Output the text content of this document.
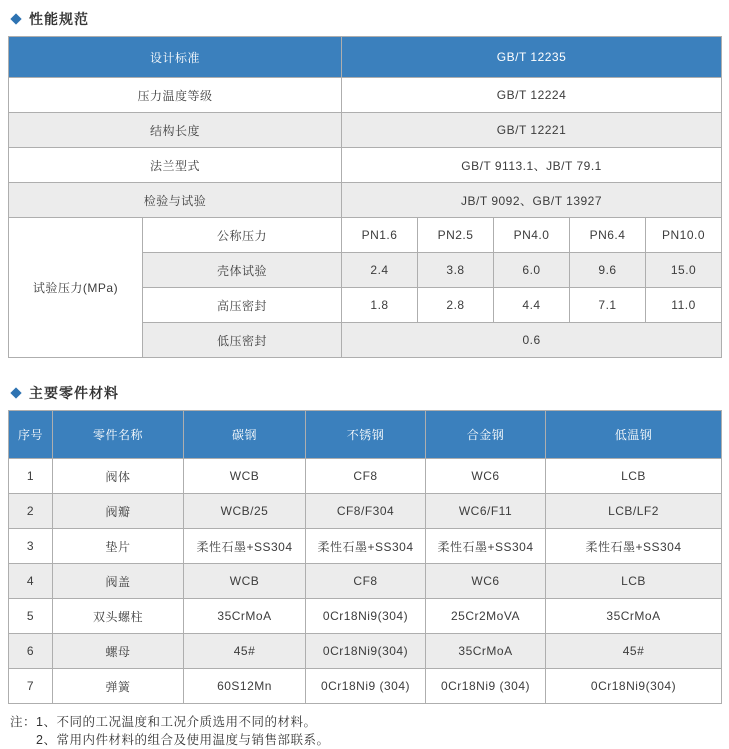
性能规范
设计标准		GB/T 12235				
压力温度等级		GB/T 12224				
结构长度		GB/T 12221				
法兰型式		GB/T 9113.1、JB/T 79.1				
检验与试验		JB/T 9092、GB/T 13927				
试验压力(MPa)	公称压力	PN1.6	PN2.5	PN4.0	PN6.4	PN10.0
	壳体试验	2.4	3.8	6.0	9.6	15.0
	高压密封	1.8	2.8	4.4	7.1	11.0
	低压密封	0.6				
主要零件材料
序号	零件名称	碳钢	不锈钢	合金钢	低温钢
1	阀体	WCB	CF8	WC6	LCB
2	阀瓣	WCB/25	CF8/F304	WC6/F11	LCB/LF2
3	垫片	柔性石墨+SS304	柔性石墨+SS304	柔性石墨+SS304	柔性石墨+SS304
4	阀盖	WCB	CF8	WC6	LCB
5	双头螺柱	35CrMoA	0Cr18Ni9(304)	25Cr2MoVA	35CrMoA
6	螺母	45#	0Cr18Ni9(304)	35CrMoA	45#
7	弹簧	60S12Mn	0Cr18Ni9 (304)	0Cr18Ni9 (304)	0Cr18Ni9(304)
注： 1、不同的工况温度和工况介质选用不同的材料。
2、常用内件材料的组合及使用温度与销售部联系。
